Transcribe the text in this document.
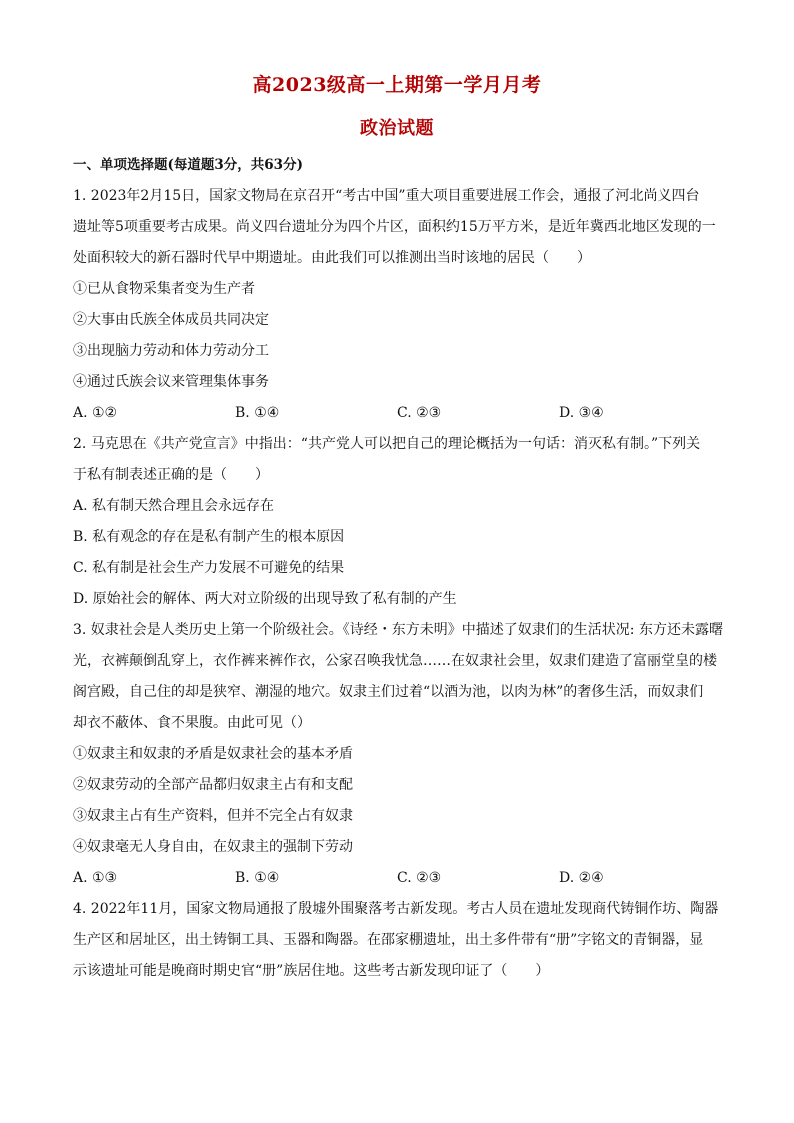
高2023级高一上期第一学月月考
政治试题
一、单项选择题(每道题3分，共63分)
1. 2023年2月15日，国家文物局在京召开“考古中国”重大项目重要进展工作会，通报了河北尚义四台
遗址等5项重要考古成果。尚义四台遗址分为四个片区，面积约15万平方米，是近年冀西北地区发现的一
处面积较大的新石器时代早中期遗址。由此我们可以推测出当时该地的居民（　　）
①已从食物采集者变为生产者
②大事由氏族全体成员共同决定
③出现脑力劳动和体力劳动分工
④通过氏族会议来管理集体事务
A. ①②	B. ①④	C. ②③	D. ③④
2. 马克思在《共产党宣言》中指出：“共产党人可以把自己的理论概括为一句话：消灭私有制。”下列关
于私有制表述正确的是（　　）
A. 私有制天然合理且会永远存在
B. 私有观念的存在是私有制产生的根本原因
C. 私有制是社会生产力发展不可避免的结果
D. 原始社会的解体、两大对立阶级的出现导致了私有制的产生
3. 奴隶社会是人类历史上第一个阶级社会。《诗经・东方未明》中描述了奴隶们的生活状况: 东方还未露曙
光，衣裤颠倒乱穿上，衣作裤来裤作衣，公家召唤我忧急……在奴隶社会里，奴隶们建造了富丽堂皇的楼
阁宫殿，自己住的却是狭窄、潮湿的地穴。奴隶主们过着“以酒为池，以肉为林”的奢侈生活，而奴隶们
却衣不蔽体、食不果腹。由此可见（）
①奴隶主和奴隶的矛盾是奴隶社会的基本矛盾
②奴隶劳动的全部产品都归奴隶主占有和支配
③奴隶主占有生产资料，但并不完全占有奴隶
④奴隶毫无人身自由，在奴隶主的强制下劳动
A. ①③	B. ①④	C. ②③	D. ②④
4. 2022年11月，国家文物局通报了殷墟外围聚落考古新发现。考古人员在遗址发现商代铸铜作坊、陶器
生产区和居址区，出土铸铜工具、玉器和陶器。在邵家棚遗址，出土多件带有“册”字铭文的青铜器，显
示该遗址可能是晚商时期史官“册”族居住地。这些考古新发现印证了（　　）
